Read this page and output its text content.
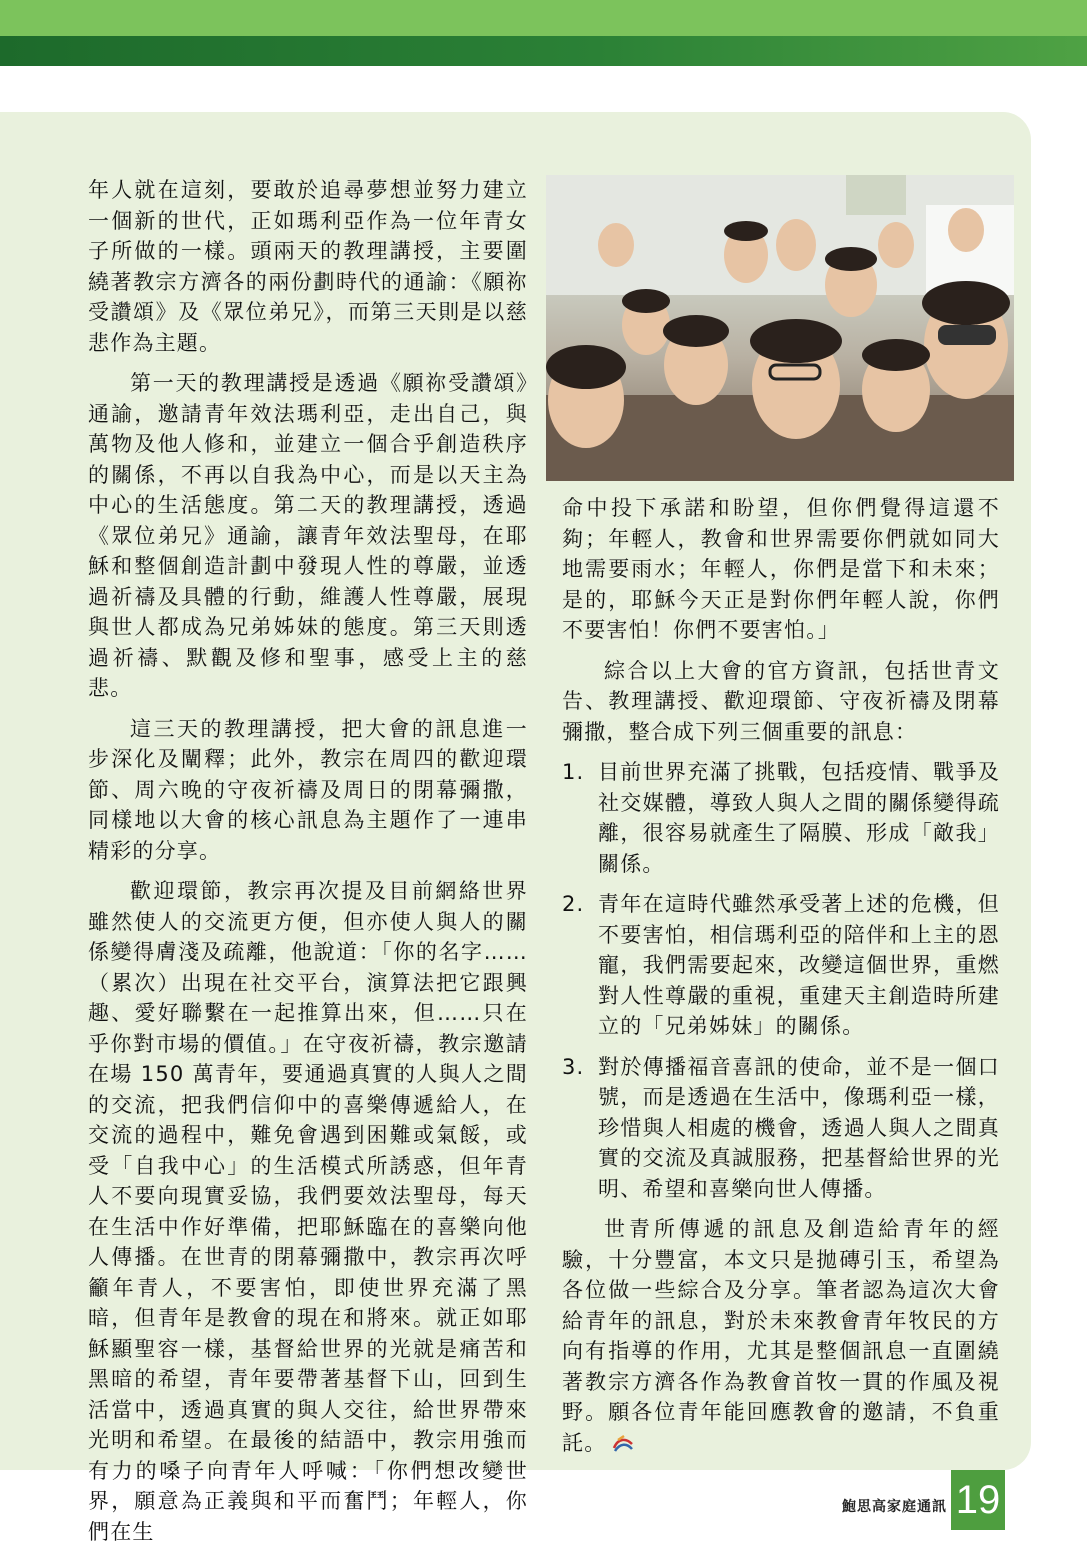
年人就在這刻，要敢於追尋夢想並努力建立一個新的世代，正如瑪利亞作為一位年青女子所做的一樣。頭兩天的教理講授，主要圍繞著教宗方濟各的兩份劃時代的通諭：《願祢受讚頌》及《眾位弟兄》，而第三天則是以慈悲作為主題。

第一天的教理講授是透過《願祢受讚頌》通諭，邀請青年效法瑪利亞，走出自己，與萬物及他人修和，並建立一個合乎創造秩序的關係，不再以自我為中心，而是以天主為中心的生活態度。第二天的教理講授，透過《眾位弟兄》通諭，讓青年效法聖母，在耶穌和整個創造計劃中發現人性的尊嚴，並透過祈禱及具體的行動，維護人性尊嚴，展現與世人都成為兄弟姊妹的態度。第三天則透過祈禱、默觀及修和聖事，感受上主的慈悲。

這三天的教理講授，把大會的訊息進一步深化及闡釋；此外，教宗在周四的歡迎環節、周六晚的守夜祈禱及周日的閉幕彌撒，同樣地以大會的核心訊息為主題作了一連串精彩的分享。

歡迎環節，教宗再次提及目前網絡世界雖然使人的交流更方便，但亦使人與人的關係變得膚淺及疏離，他說道：「你的名字……（累次）出現在社交平台，演算法把它跟興趣、愛好聯繫在一起推算出來，但……只在乎你對市場的價值。」在守夜祈禱，教宗邀請在場 150 萬青年，要通過真實的人與人之間的交流，把我們信仰中的喜樂傳遞給人，在交流的過程中，難免會遇到困難或氣餒，或受「自我中心」的生活模式所誘惑，但年青人不要向現實妥協，我們要效法聖母，每天在生活中作好準備，把耶穌臨在的喜樂向他人傳播。在世青的閉幕彌撒中，教宗再次呼籲年青人，不要害怕，即使世界充滿了黑暗，但青年是教會的現在和將來。就正如耶穌顯聖容一樣，基督給世界的光就是痛苦和黑暗的希望，青年要帶著基督下山，回到生活當中，透過真實的與人交往，給世界帶來光明和希望。在最後的結語中，教宗用強而有力的嗓子向青年人呼喊：「你們想改變世界，願意為正義與和平而奮鬥；年輕人，你們在生

命中投下承諾和盼望，但你們覺得這還不夠；年輕人，教會和世界需要你們就如同大地需要雨水；年輕人，你們是當下和未來；是的，耶穌今天正是對你們年輕人說，你們不要害怕！你們不要害怕。」

綜合以上大會的官方資訊，包括世青文告、教理講授、歡迎環節、守夜祈禱及閉幕彌撒，整合成下列三個重要的訊息：

1. 目前世界充滿了挑戰，包括疫情、戰爭及社交媒體，導致人與人之間的關係變得疏離，很容易就產生了隔膜、形成「敵我」關係。
2. 青年在這時代雖然承受著上述的危機，但不要害怕，相信瑪利亞的陪伴和上主的恩寵，我們需要起來，改變這個世界，重燃對人性尊嚴的重視，重建天主創造時所建立的「兄弟姊妹」的關係。
3. 對於傳播福音喜訊的使命，並不是一個口號，而是透過在生活中，像瑪利亞一樣，珍惜與人相處的機會，透過人與人之間真實的交流及真誠服務，把基督給世界的光明、希望和喜樂向世人傳播。

世青所傳遞的訊息及創造給青年的經驗，十分豐富，本文只是拋磚引玉，希望為各位做一些綜合及分享。筆者認為這次大會給青年的訊息，對於未來教會青年牧民的方向有指導的作用，尤其是整個訊息一直圍繞著教宗方濟各作為教會首牧一貫的作風及視野。願各位青年能回應教會的邀請，不負重託。

鮑思高家庭通訊 19
